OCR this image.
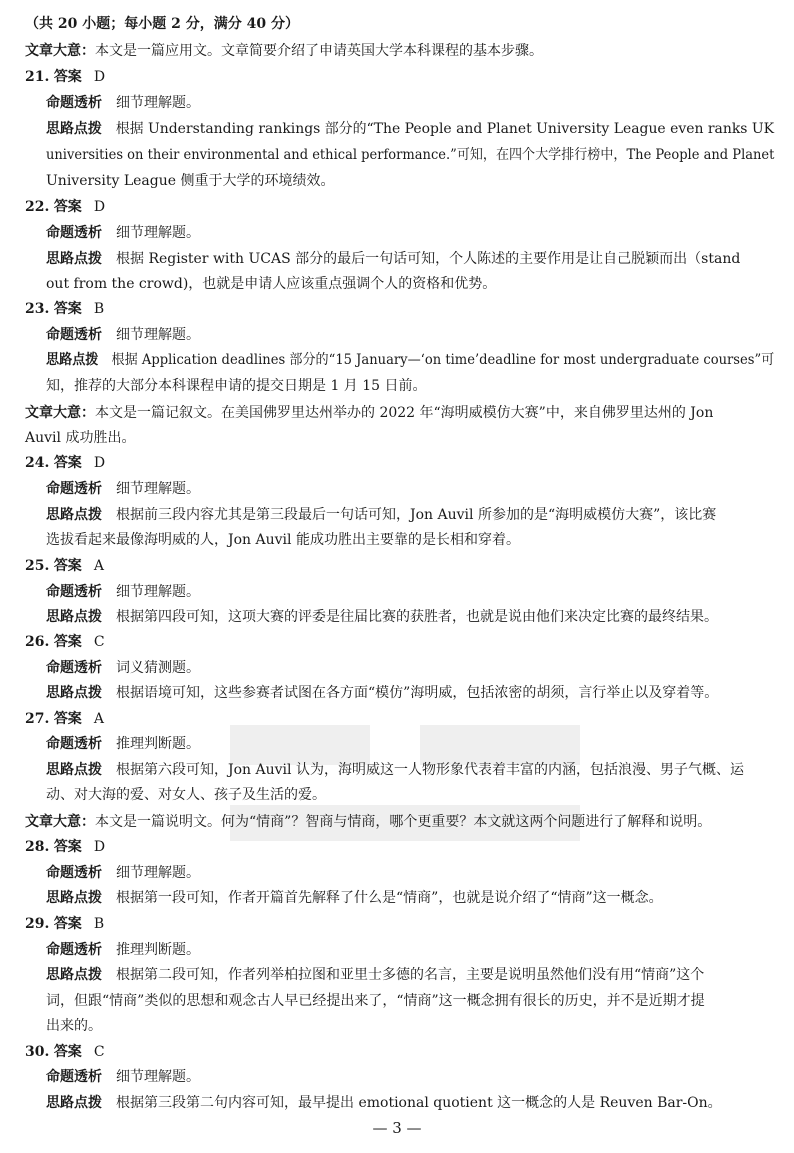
（共 20 小题；每小题 2 分，满分 40 分）
文章大意：本文是一篇应用文。文章简要介绍了申请英国大学本科课程的基本步骤。
21. 答案 D
命题透析 细节理解题。
思路点拨 根据 Understanding rankings 部分的“The People and Planet University League even ranks UK
universities on their environmental and ethical performance.”可知，在四个大学排行榜中，The People and Planet
University League 侧重于大学的环境绩效。
22. 答案 D
命题透析 细节理解题。
思路点拨 根据 Register with UCAS 部分的最后一句话可知，个人陈述的主要作用是让自己脱颖而出（stand
out from the crowd)，也就是申请人应该重点强调个人的资格和优势。
23. 答案 B
命题透析 细节理解题。
思路点拨 根据 Application deadlines 部分的“15 January—‘on time’deadline for most undergraduate courses”可
知，推荐的大部分本科课程申请的提交日期是 1 月 15 日前。
文章大意：本文是一篇记叙文。在美国佛罗里达州举办的 2022 年“海明威模仿大赛”中，来自佛罗里达州的 Jon
Auvil 成功胜出。
24. 答案 D
命题透析 细节理解题。
思路点拨 根据前三段内容尤其是第三段最后一句话可知，Jon Auvil 所参加的是“海明威模仿大赛”，该比赛
选拔看起来最像海明威的人，Jon Auvil 能成功胜出主要靠的是长相和穿着。
25. 答案 A
命题透析 细节理解题。
思路点拨 根据第四段可知，这项大赛的评委是往届比赛的获胜者，也就是说由他们来决定比赛的最终结果。
26. 答案 C
命题透析 词义猜测题。
思路点拨 根据语境可知，这些参赛者试图在各方面“模仿”海明威，包括浓密的胡须，言行举止以及穿着等。
27. 答案 A
命题透析 推理判断题。
思路点拨 根据第六段可知，Jon Auvil 认为，海明威这一人物形象代表着丰富的内涵，包括浪漫、男子气概、运
动、对大海的爱、对女人、孩子及生活的爱。
文章大意：本文是一篇说明文。何为“情商”？智商与情商，哪个更重要？本文就这两个问题进行了解释和说明。
28. 答案 D
命题透析 细节理解题。
思路点拨 根据第一段可知，作者开篇首先解释了什么是“情商”，也就是说介绍了“情商”这一概念。
29. 答案 B
命题透析 推理判断题。
思路点拨 根据第二段可知，作者列举柏拉图和亚里士多德的名言，主要是说明虽然他们没有用“情商”这个
词，但跟“情商”类似的思想和观念古人早已经提出来了，“情商”这一概念拥有很长的历史，并不是近期才提
出来的。
30. 答案 C
命题透析 细节理解题。
思路点拨 根据第三段第二句内容可知，最早提出 emotional quotient 这一概念的人是 Reuven Bar-On。
— 3 —
